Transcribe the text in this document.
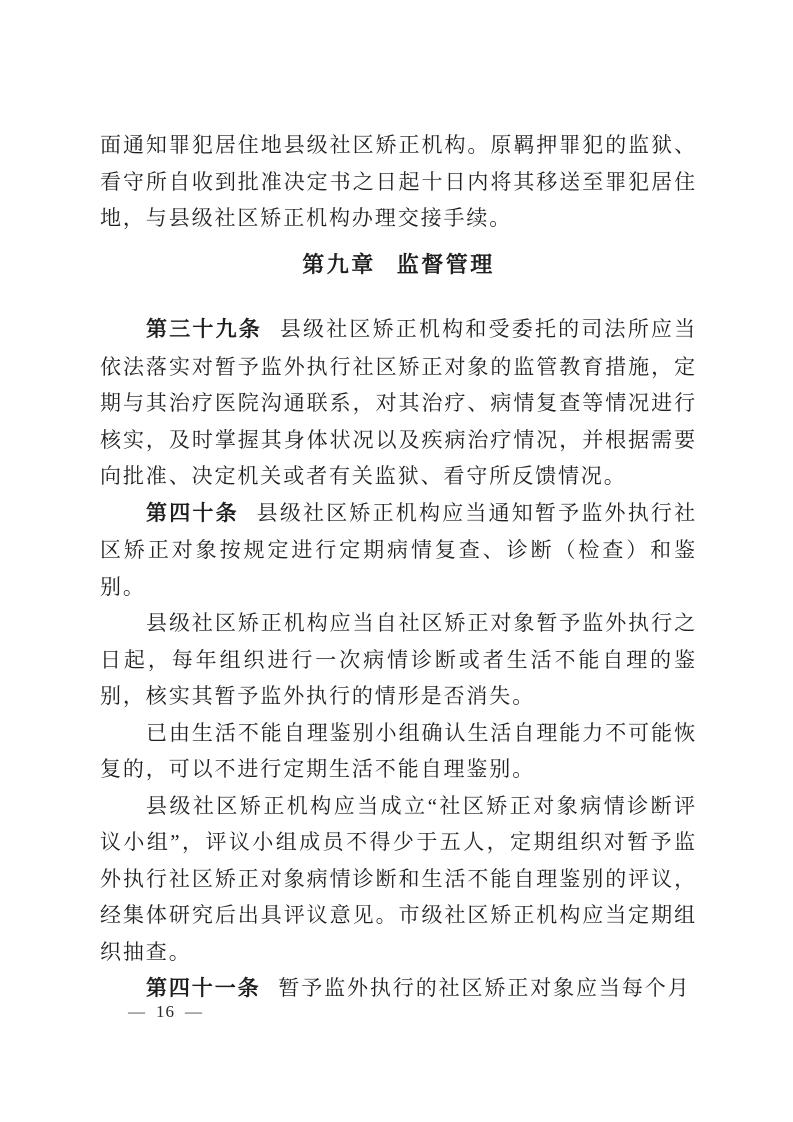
面通知罪犯居住地县级社区矫正机构。原羁押罪犯的监狱、看守所自收到批准决定书之日起十日内将其移送至罪犯居住地，与县级社区矫正机构办理交接手续。

第九章 监督管理

第三十九条 县级社区矫正机构和受委托的司法所应当依法落实对暂予监外执行社区矫正对象的监管教育措施，定期与其治疗医院沟通联系，对其治疗、病情复查等情况进行核实，及时掌握其身体状况以及疾病治疗情况，并根据需要向批准、决定机关或者有关监狱、看守所反馈情况。

第四十条 县级社区矫正机构应当通知暂予监外执行社区矫正对象按规定进行定期病情复查、诊断（检查）和鉴别。

县级社区矫正机构应当自社区矫正对象暂予监外执行之日起，每年组织进行一次病情诊断或者生活不能自理的鉴别，核实其暂予监外执行的情形是否消失。

已由生活不能自理鉴别小组确认生活自理能力不可能恢复的，可以不进行定期生活不能自理鉴别。

县级社区矫正机构应当成立“社区矫正对象病情诊断评议小组”，评议小组成员不得少于五人，定期组织对暂予监外执行社区矫正对象病情诊断和生活不能自理鉴别的评议，经集体研究后出具评议意见。市级社区矫正机构应当定期组织抽查。

第四十一条 暂予监外执行的社区矫正对象应当每个月

— 16 —
